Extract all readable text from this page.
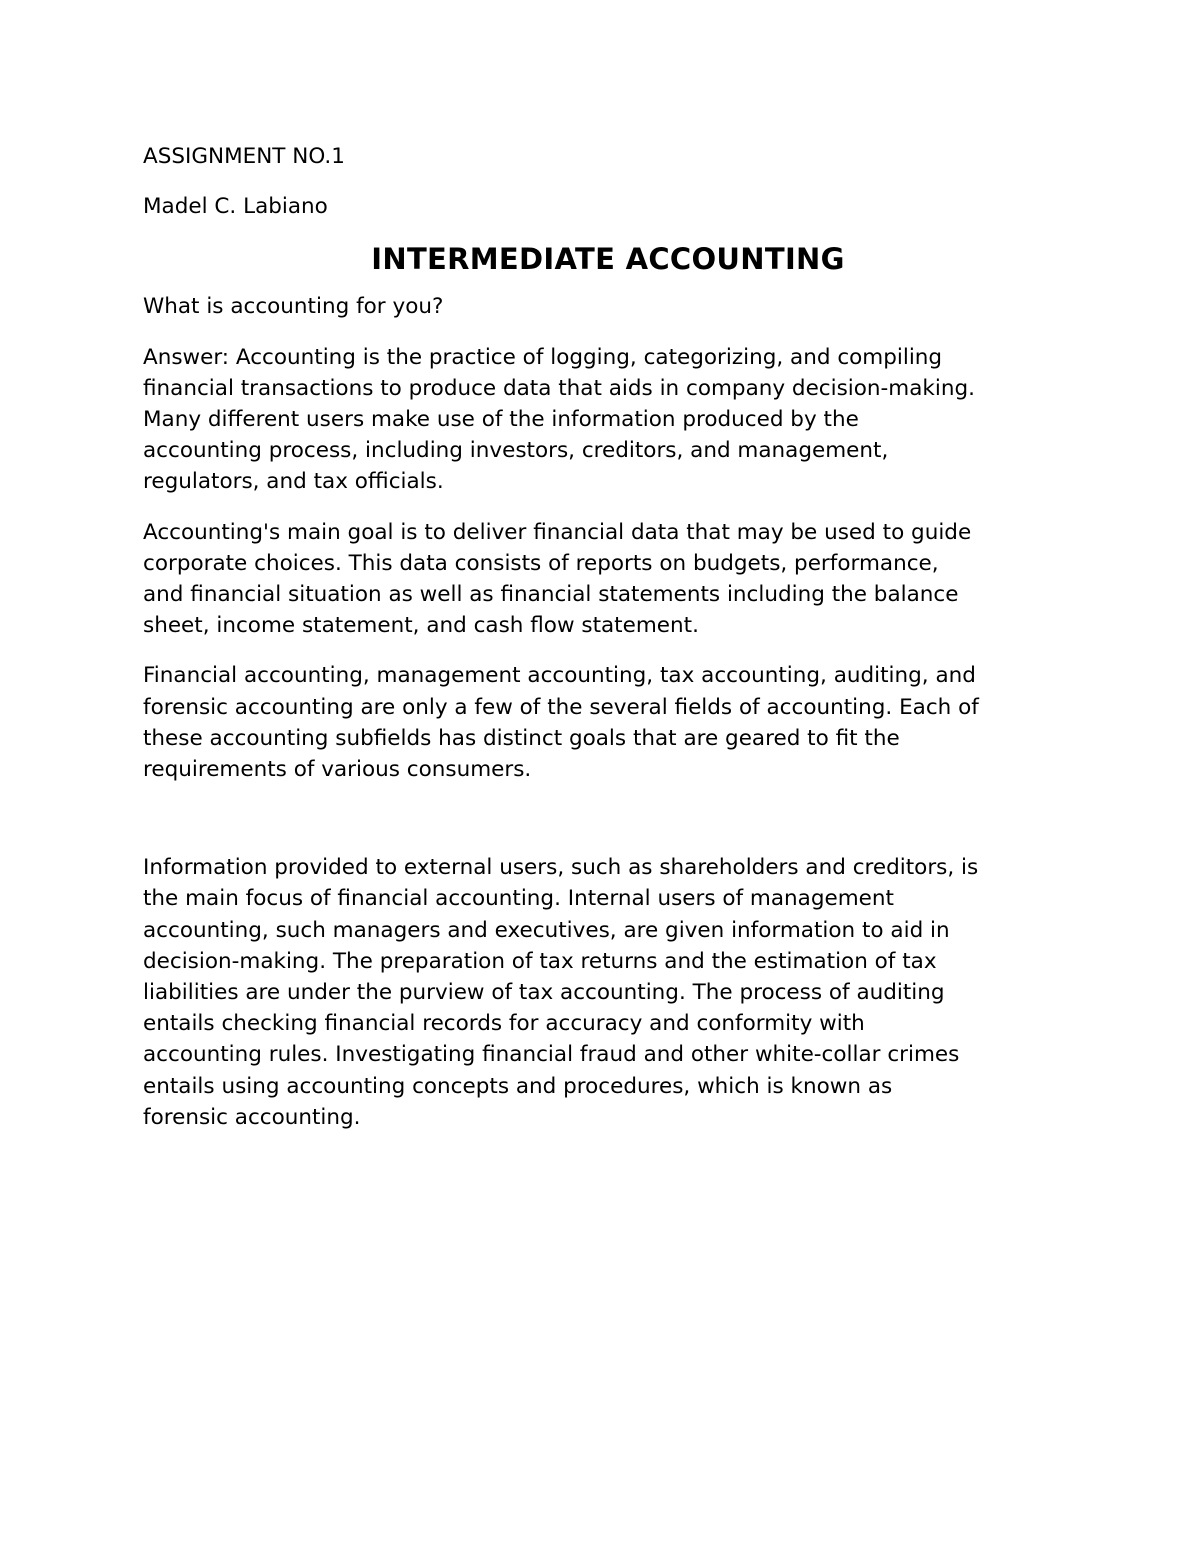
ASSIGNMENT NO.1

Madel C. Labiano

INTERMEDIATE ACCOUNTING

What is accounting for you?

Answer: Accounting is the practice of logging, categorizing, and compiling
financial transactions to produce data that aids in company decision-making.
Many different users make use of the information produced by the
accounting process, including investors, creditors, and management,
regulators, and tax officials.
Accounting's main goal is to deliver financial data that may be used to guide
corporate choices. This data consists of reports on budgets, performance,
and financial situation as well as financial statements including the balance
sheet, income statement, and cash flow statement.
Financial accounting, management accounting, tax accounting, auditing, and
forensic accounting are only a few of the several fields of accounting. Each of
these accounting subfields has distinct goals that are geared to fit the
requirements of various consumers.
Information provided to external users, such as shareholders and creditors, is
the main focus of financial accounting. Internal users of management
accounting, such managers and executives, are given information to aid in
decision-making. The preparation of tax returns and the estimation of tax
liabilities are under the purview of tax accounting. The process of auditing
entails checking financial records for accuracy and conformity with
accounting rules. Investigating financial fraud and other white-collar crimes
entails using accounting concepts and procedures, which is known as
forensic accounting.
